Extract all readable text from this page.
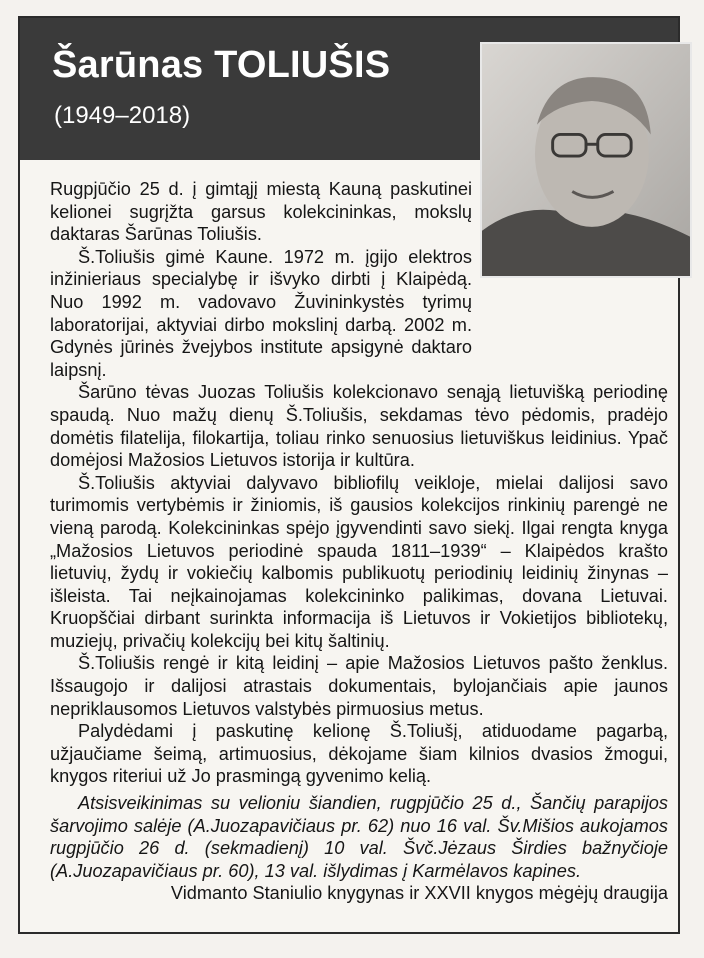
Šarūnas TOLIUŠIS
(1949–2018)

Rugpjūčio 25 d. į gimtąjį miestą Kauną paskutinei kelionei sugrįžta garsus kolekcininkas, mokslų daktaras Šarūnas Toliušis.

Š.Toliušis gimė Kaune. 1972 m. įgijo elektros inžinieriaus specialybę ir išvyko dirbti į Klaipėdą. Nuo 1992 m. vadovavo Žuvininkystės tyrimų laboratorijai, aktyviai dirbo mokslinį darbą. 2002 m. Gdynės jūrinės žvejybos institute apsigynė daktaro laipsnį.

Šarūno tėvas Juozas Toliušis kolekcionavo senąją lietuvišką periodinę spaudą. Nuo mažų dienų Š.Toliušis, sekdamas tėvo pėdomis, pradėjo domėtis filatelija, filokartija, toliau rinko senuosius lietuviškus leidinius. Ypač domėjosi Mažosios Lietuvos istorija ir kultūra.

Š.Toliušis aktyviai dalyvavo bibliofilų veikloje, mielai dalijosi savo turimomis vertybėmis ir žiniomis, iš gausios kolekcijos rinkinių parengė ne vieną parodą. Kolekcininkas spėjo įgyvendinti savo siekį. Ilgai rengta knyga „Mažosios Lietuvos periodinė spauda 1811–1939“ – Klaipėdos krašto lietuvių, žydų ir vokiečių kalbomis publikuotų periodinių leidinių žinynas – išleista. Tai neįkainojamas kolekcininko palikimas, dovana Lietuvai. Kruopščiai dirbant surinkta informacija iš Lietuvos ir Vokietijos bibliotekų, muziejų, privačių kolekcijų bei kitų šaltinių.

Š.Toliušis rengė ir kitą leidinį – apie Mažosios Lietuvos pašto ženklus. Išsaugojo ir dalijosi atrastais dokumentais, bylojančiais apie jaunos nepriklausomos Lietuvos valstybės pirmuosius metus.

Palydėdami į paskutinę kelionę Š.Toliušį, atiduodame pagarbą, užjaučiame šeimą, artimuosius, dėkojame šiam kilnios dvasios žmogui, knygos riteriui už Jo prasmingą gyvenimo kelią.

Atsisveikinimas su velioniu šiandien, rugpjūčio 25 d., Šančių parapijos šarvojimo salėje (A.Juozapavičiaus pr. 62) nuo 16 val. Šv.Mišios aukojamos rugpjūčio 26 d. (sekmadienį) 10 val. Švč.Jėzaus Širdies bažnyčioje (A.Juozapavičiaus pr. 60), 13 val. išlydimas į Karmėlavos kapines.

Vidmanto Staniulio knygynas ir XXVII knygos mėgėjų draugija
